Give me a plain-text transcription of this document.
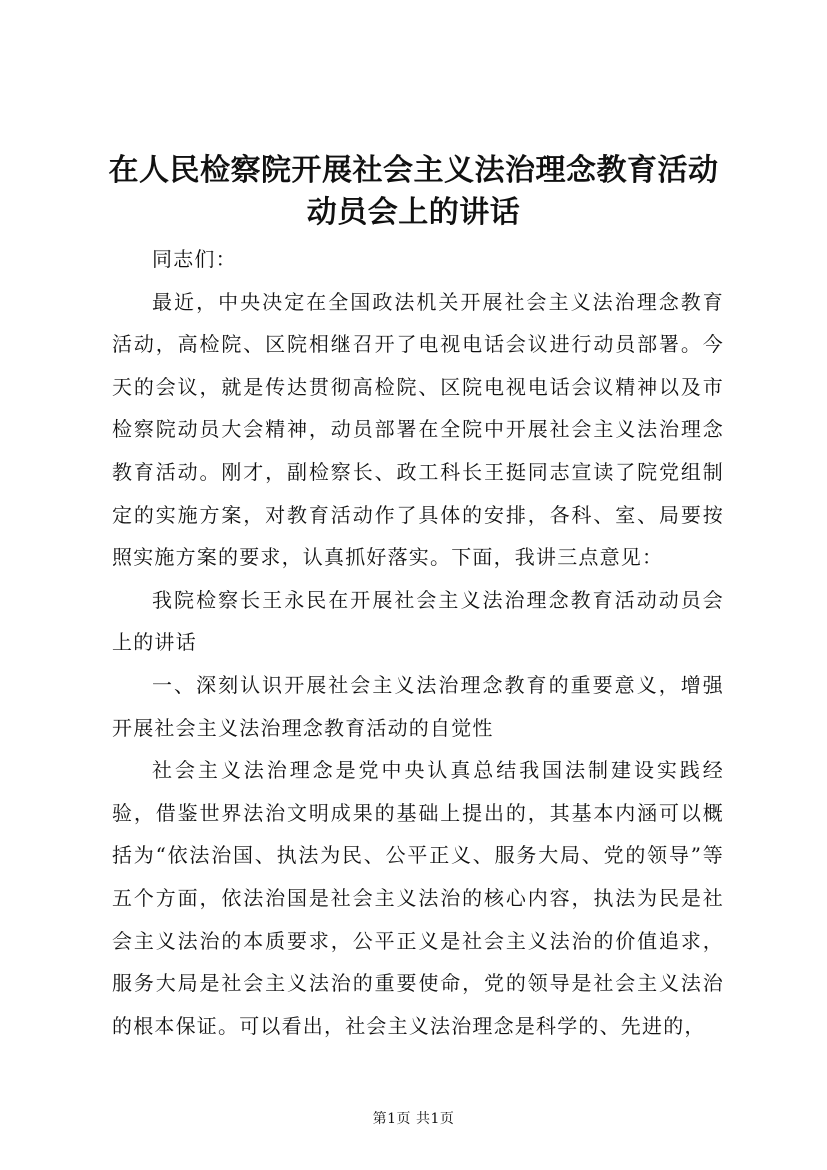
在人民检察院开展社会主义法治理念教育活动
动员会上的讲话

同志们：

最近，中央决定在全国政法机关开展社会主义法治理念教育活动，高检院、区院相继召开了电视电话会议进行动员部署。今天的会议，就是传达贯彻高检院、区院电视电话会议精神以及市检察院动员大会精神，动员部署在全院中开展社会主义法治理念教育活动。刚才，副检察长、政工科长王挺同志宣读了院党组制定的实施方案，对教育活动作了具体的安排，各科、室、局要按照实施方案的要求，认真抓好落实。下面，我讲三点意见：

我院检察长王永民在开展社会主义法治理念教育活动动员会上的讲话

一、深刻认识开展社会主义法治理念教育的重要意义，增强开展社会主义法治理念教育活动的自觉性

社会主义法治理念是党中央认真总结我国法制建设实践经验，借鉴世界法治文明成果的基础上提出的，其基本内涵可以概括为“依法治国、执法为民、公平正义、服务大局、党的领导”等五个方面，依法治国是社会主义法治的核心内容，执法为民是社会主义法治的本质要求，公平正义是社会主义法治的价值追求，服务大局是社会主义法治的重要使命，党的领导是社会主义法治的根本保证。可以看出，社会主义法治理念是科学的、先进的，

第1页 共1页
